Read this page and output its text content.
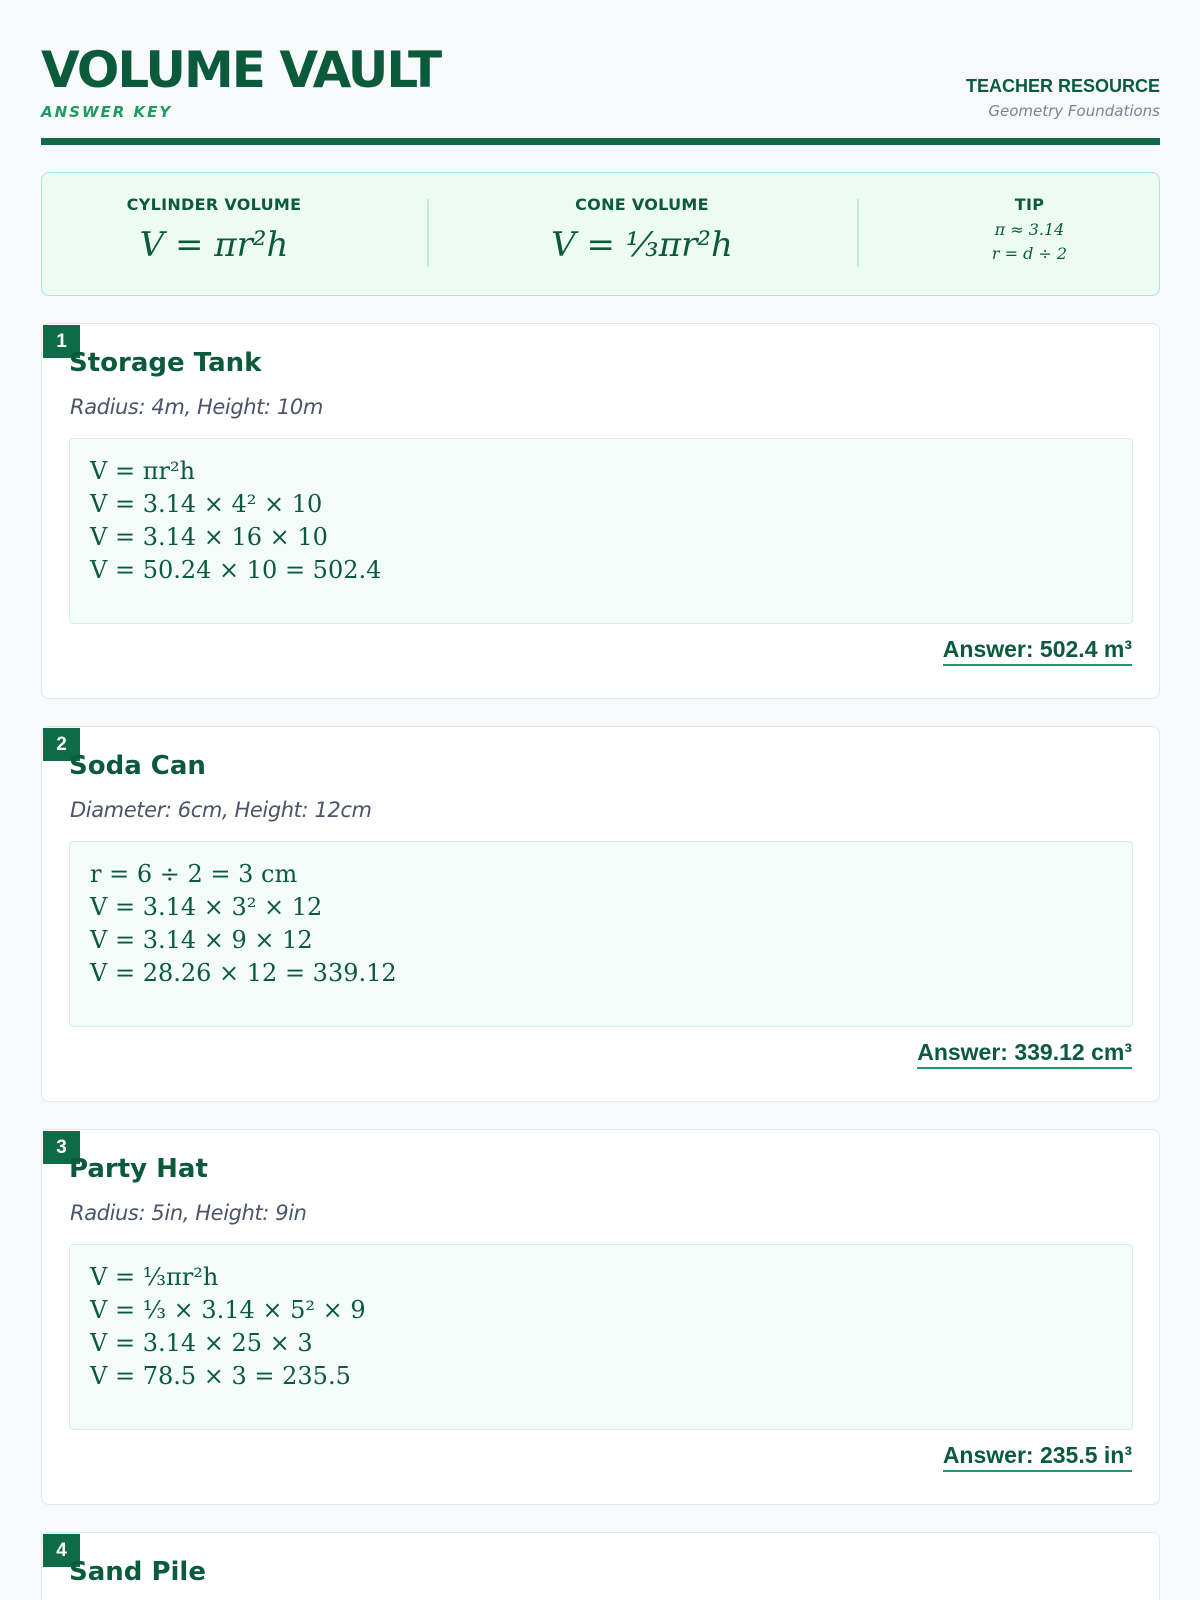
VOLUME VAULT
ANSWER KEY
TEACHER RESOURCE
Geometry Foundations
CYLINDER VOLUME
V = πr²h
CONE VOLUME
V = ⅓πr²h
TIP
π ≈ 3.14
r = d ÷ 2
1
Storage Tank
Radius: 4m, Height: 10m
V = πr²h
V = 3.14 × 4² × 10
V = 3.14 × 16 × 10
V = 50.24 × 10 = 502.4
Answer: 502.4 m³
2
Soda Can
Diameter: 6cm, Height: 12cm
r = 6 ÷ 2 = 3 cm
V = 3.14 × 3² × 12
V = 3.14 × 9 × 12
V = 28.26 × 12 = 339.12
Answer: 339.12 cm³
3
Party Hat
Radius: 5in, Height: 9in
V = ⅓πr²h
V = ⅓ × 3.14 × 5² × 9
V = 3.14 × 25 × 3
V = 78.5 × 3 = 235.5
Answer: 235.5 in³
4
Sand Pile
